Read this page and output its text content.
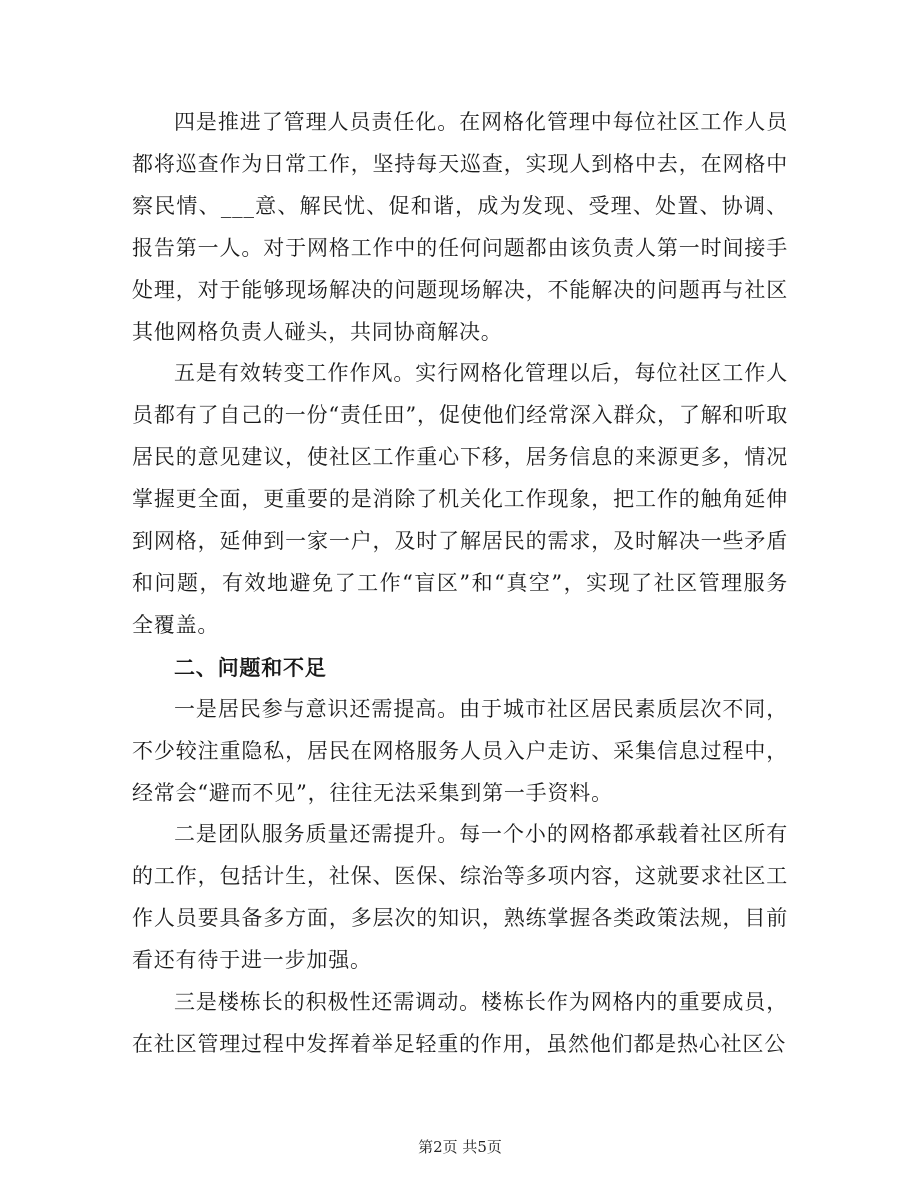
四是推进了管理人员责任化。在网格化管理中每位社区工作人员都将巡查作为日常工作，坚持每天巡查，实现人到格中去，在网格中察民情、___意、解民忧、促和谐，成为发现、受理、处置、协调、报告第一人。对于网格工作中的任何问题都由该负责人第一时间接手处理，对于能够现场解决的问题现场解决，不能解决的问题再与社区其他网格负责人碰头，共同协商解决。

五是有效转变工作作风。实行网格化管理以后，每位社区工作人员都有了自己的一份“责任田”，促使他们经常深入群众，了解和听取居民的意见建议，使社区工作重心下移，居务信息的来源更多，情况掌握更全面，更重要的是消除了机关化工作现象，把工作的触角延伸到网格，延伸到一家一户，及时了解居民的需求，及时解决一些矛盾和问题，有效地避免了工作“盲区”和“真空”，实现了社区管理服务全覆盖。

二、问题和不足

一是居民参与意识还需提高。由于城市社区居民素质层次不同，不少较注重隐私，居民在网格服务人员入户走访、采集信息过程中，经常会“避而不见”，往往无法采集到第一手资料。

二是团队服务质量还需提升。每一个小的网格都承载着社区所有的工作，包括计生，社保、医保、综治等多项内容，这就要求社区工作人员要具备多方面，多层次的知识，熟练掌握各类政策法规，目前看还有待于进一步加强。

三是楼栋长的积极性还需调动。楼栋长作为网格内的重要成员，在社区管理过程中发挥着举足轻重的作用，虽然他们都是热心社区公

第2页 共5页
